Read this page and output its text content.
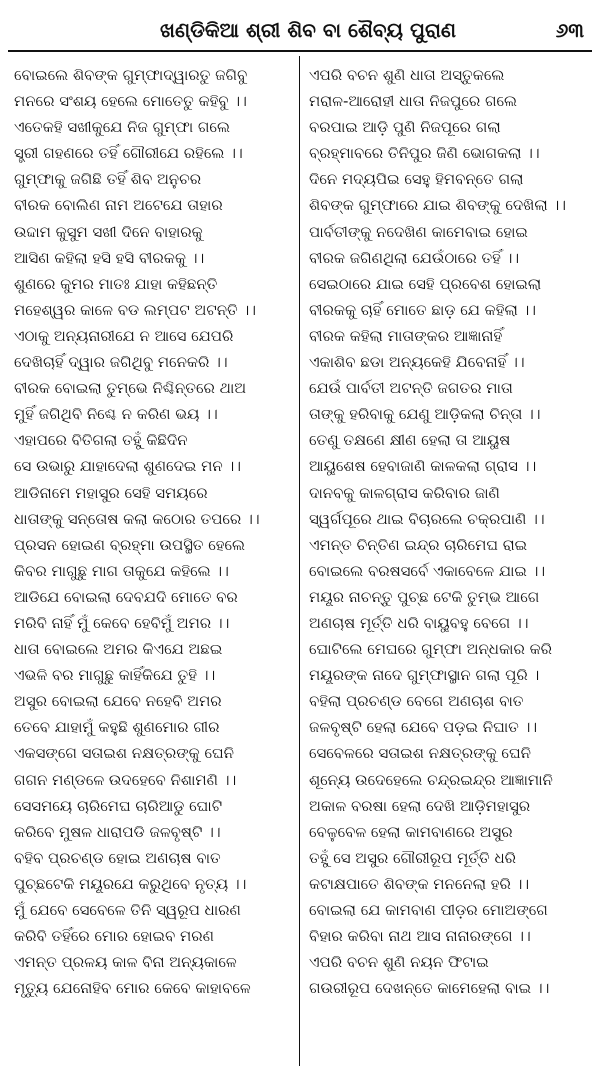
ଖଣ୍ଡିକିଆ ଶ୍ରୀ ଶିବ ବା ଶୈବ୍ୟ ପୁରାଣ	୬୩
ବୋଇଲେ ଶିବଙ୍କ ଗୁମ୍ଫାଦ୍ୱାରତୁ ଜଗିବୁ
ମନରେ ସଂଶୟ ହେଲେ ମୋତେତୁ କହିବୁ ।।
ଏତେକହି ସଖୀକୁଯେ ନିଜ ଗୁମ୍ଫା ଗଲେ
ସ୍ତ୍ରୀ ଗହଣରେ ତହିଁ ଗୌରୀଯେ ରହିଲେ ।।
ଗୁମ୍ଫାକୁ ଜଗିଛି ତହିଁ ଶିବ ଅନୁଚର
ବୀରକ ବୋଲିଣ ନାମ ଅଟେଯେ ତାହାର
ଉଦ୍ଦାମ କୁସୁମ ସଖୀ ଦିନେ ବାହାରକୁ
ଆସିଣ କହିଲା ହସି ହସି ବୀରକକୁ ।।
ଶୁଣରେ କୁମର ମାତଃ ଯାହା କହିଛନ୍ତି
ମହେଶ୍ୱର କାଳେ ବଡ ଲମ୍ପଟ ଅଟନ୍ତି ।।
ଏଠାକୁ ଅନ୍ୟନାରୀଯେ ନ ଆସେ ଯେପରି
ଦେଖିଚାହିଁ ଦ୍ୱାର ଜଗିଥିବୁ ମନେକରି ।।
ବୀରକ ବୋଇଲା ତୁମ୍ଭେ ନିଶ୍ଚିନ୍ତରେ ଥାଅ
ମୁହିଁ ଜଗିଥିବି ନିଶ୍ଚେ ନ କରିଣ ଭୟ ।।
ଏହାପରେ ବିତିଗଲା ତହୁଁ କିଛିଦିନ
ସେ ଉଭାରୁ ଯାହାଦେଲା ଶୁଣଦେଇ ମନ ।।
ଆଡିନାମେ ମହାସୁର ସେହି ସମୟରେ
ଧାତାଙ୍କୁ ସନ୍ତୋଷ କଲା କଠୋର ତପରେ ।।
ପ୍ରସନ ହୋଇଣ ବ୍ରହ୍ମା ଉପସ୍ଥିତ ହେଲେ
କିବର ମାଗୁଛୁ ମାଗ ତାକୁଯେ କହିଲେ ।।
ଆଡିଯେ ବୋଇଲା ଦେବଯଦି ମୋତେ ବର
ମରିବି ନାହିଁ ମୁଁ କେବେ ହେବିମୁଁ ଅମର ।।
ଧାତା ବୋଇଲେ ଅମର କିଏଯେ ଅଛଇ
ଏଭଳି ବର ମାଗୁଛୁ କାହିଁକିଯେ ତୁହି ।।
ଅସୁର ବୋଇଲା ଯେବେ ନହେବି ଅମର
ତେବେ ଯାହାମୁଁ କହୁଛି ଶୁଣମୋର ଗୀର
ଏକସଙ୍ଗେ ସତାଇଶ ନକ୍ଷତ୍ରଙ୍କୁ ଘେନି
ଗଗନ ମଣ୍ଡଳେ ଉଦହେବେ ନିଶାମଣି ।।
ସେସମୟେ ଚାରିମେଘ ଚାରିଆଡୁ ଘୋଟି
କରିବେ ମୁଷଳ ଧାରାପଡି ଜଳବୃଷ୍ଟି ।।
ବହିବ ପ୍ରଚଣ୍ଡ ହୋଇ ଅଣଚାଷ ବାତ
ପୁଚ୍ଛଟେକି ମୟୂରଯେ କରୁଥିବେ ନୃତ୍ୟ ।।
ମୁଁ ଯେବେ ସେବେଳେ ତିନି ସ୍ୱରୂପ ଧାରଣ
କରିବି ତହିଁରେ ମୋର ହୋଇବ ମରଣ
ଏମନ୍ତ ପ୍ରଳୟ କାଳ ବିନା ଅନ୍ୟକାଳେ
ମୃତ୍ୟୁ ଯେନୋହିବ ମୋର କେବେ କାହାବଳେ
ଏପରି ବଚନ ଶୁଣି ଧାତା ଅସ୍ତୁକଲେ
ମରାଳ-ଆରୋହୀ ଧାତା ନିଜପୁରେ ଗଲେ
ବରପାଇ ଆଡ଼ି ପୁଣି ନିଜପୂରେ ଗଲା
ବ୍ରହ୍ମାବରେ ତିନିପୁର ଜିଣି ଭୋଗକଲା ।।
ଦିନେ ମଦ୍ୟପିଇ ସେହୁ ହିମବନ୍ତେ ଗଲା
ଶିବଙ୍କ ଗୁମ୍ଫାରେ ଯାଇ ଶିବଙ୍କୁ ଦେଖିଲା ।।
ପାର୍ବତୀଙ୍କୁ ନଦେଖିଣ କାମେବାଇ ହୋଇ
ବୀରକ ଜଗିଣଥିଲା ଯେଉଁଠାରେ ତହିଁ ।।
ସେଇଠାରେ ଯାଇ ସେହି ପ୍ରବେଶ ହୋଇଲା
ବୀରକକୁ ଚାହିଁ ମୋତେ ଛାଡ଼ ଯେ କହିଲା ।।
ବୀରକ କହିଲା ମାତାଙ୍କର ଆଜ୍ଞାନାହିଁ
ଏକାଶିବ ଛଡା ଅନ୍ୟକେହି ଯିବେନାହିଁ ।।
ଯେଉଁ ପାର୍ବତୀ ଅଟନ୍ତି ଜଗତର ମାତା
ତାଙ୍କୁ ହରିବାକୁ ଯେଣୁ ଆଡ଼ିକଲା ଚିନ୍ତା ।।
ତେଣୁ ତକ୍ଷଣେ କ୍ଷୀଣ ହେଲା ତା ଆୟୁଷ
ଆୟୁଶେଷ ହେବାଜାଣି କାଳକଲା ଗ୍ରାସ ।।
ଦାନବକୁ କାଳଗ୍ରାସ କରିବାର ଜାଣି
ସ୍ୱର୍ଗପୂରେ ଥାଇ ବିଚାରଲେ ଚକ୍ରପାଣି ।।
ଏମନ୍ତ ଚିନ୍ତିଣ ଇନ୍ଦ୍ର ଚାରିମେଘ ରାଇ
ବୋଇଲେ ବରଷସର୍ବେ ଏକାବେଳେ ଯାଇ ।।
ମୟୂର ନାଚନ୍ତୁ ପୁଚ୍ଛ ଟେକି ତୁମ୍ଭ ଆଗେ
ଅଣଚାଷ ମୂର୍ତ୍ତି ଧରି ବାୟୁବହୁ ବେଗେ ।।
ଘୋଟିଲେ ମେଘରେ ଗୁମ୍ଫା ଅନ୍ଧକାର କରି
ମୟୂରଙ୍କ ନାଦେ ଗୁମ୍ଫାସ୍ଥାନ ଗଲା ପୂରି ।
ବହିଲା ପ୍ରଚଣ୍ଡ ବେଗେ ଅଣଚାଶ ବାତ
ଜଳବୃଷ୍ଟି ହେଲା ଯେବେ ପଡ଼ଇ ନିଘାତ ।।
ସେବେଳରେ ସତାଇଶ ନକ୍ଷତ୍ରଙ୍କୁ ଘେନି
ଶୂନ୍ୟେ ଉଦେହେଲେ ଚନ୍ଦ୍ରଇନ୍ଦ୍ର ଆଜ୍ଞାମାନି
ଅକାଳ ବରଷା ହେଲା ଦେଖି ଆଡ଼ିମହାସୁର
ବେଳୁବେଳ ହେଲା କାମବାଣରେ ଅସୁର
ତହୁଁ ସେ ଅସୁର ଗୌରୀରୂପ ମୂର୍ତ୍ତି ଧରି
କଟାକ୍ଷପାତେ ଶିବଙ୍କ ମନନେଲା ହରି ।।
ବୋଇଲା ଯେ କାମବାଣ ପୀଡ଼ର ମୋଅଙ୍ଗେ
ବିହାର କରିବା ନାଥ ଆସ ନାନାରଙ୍ଗେ ।।
ଏପରି ବଚନ ଶୁଣି ନୟନ ଫିଟାଇ
ଗଉରୀରୂପ ଦେଖନ୍ତେ କାମେହେଲା ବାଇ ।।
